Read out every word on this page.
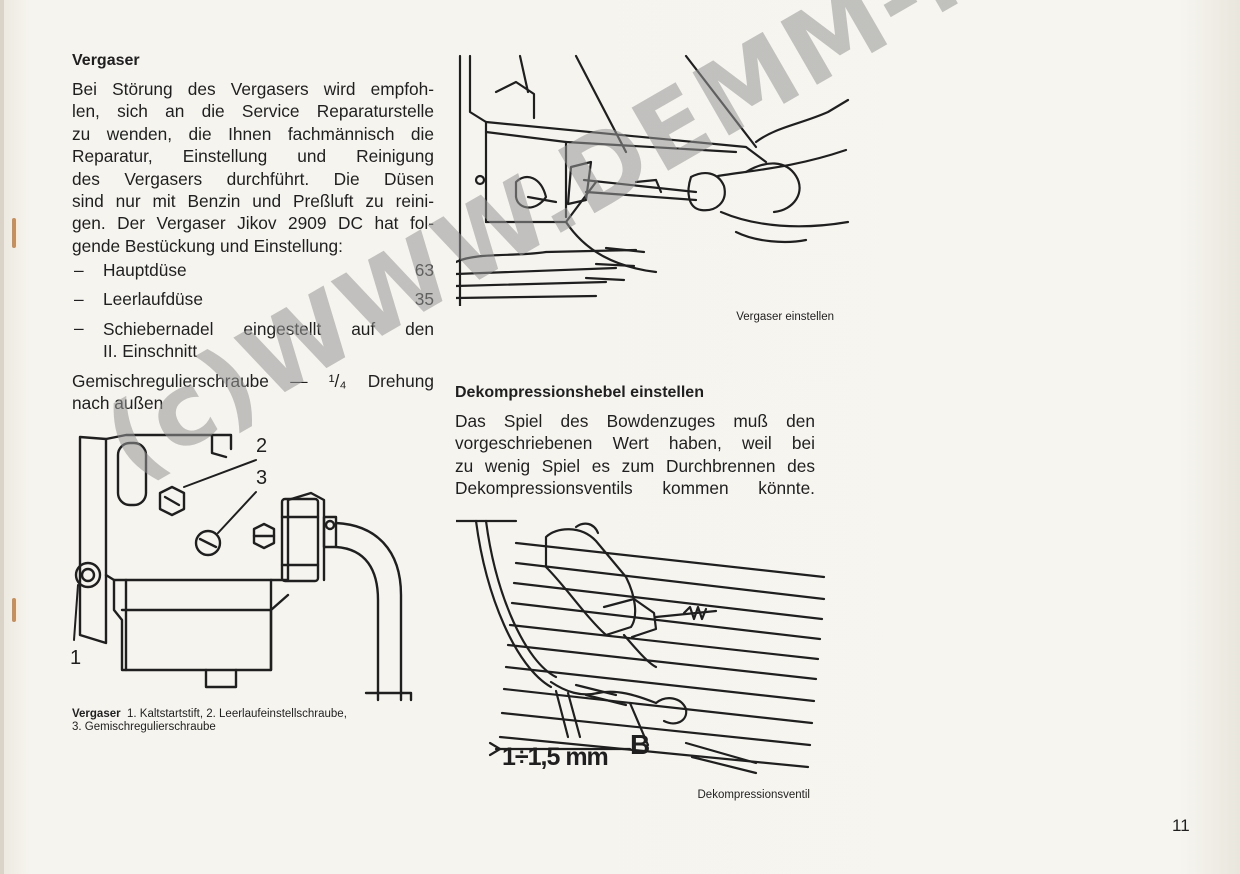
Vergaser
Bei Störung des Vergasers wird empfoh-
len, sich an die Service Reparaturstelle
zu wenden, die Ihnen fachmännisch die
Reparatur, Einstellung und Reinigung
des Vergasers durchführt. Die Düsen
sind nur mit Benzin und Preßluft zu reini-
gen. Der Vergaser Jikov 2909 DC hat fol-
gende Bestückung und Einstellung:
– Hauptdüse	63
– Leerlaufdüse	35
– Schiebernadel eingestellt auf den
II. Einschnitt
Gemischregulierschraube — ¹/₄ Drehung
nach außen
2
3
1

Vergaser 1. Kaltstartstift, 2. Leerlaufeinstellschraube,
3. Gemischregulierschraube

Vergaser einstellen

Dekompressionshebel einstellen
Das Spiel des Bowdenzuges muß den
vorgeschriebenen Wert haben, weil bei
zu wenig Spiel es zum Durchbrennen des
Dekompressionsventils kommen könnte.
1÷1,5 mm B

Dekompressionsventil

11
